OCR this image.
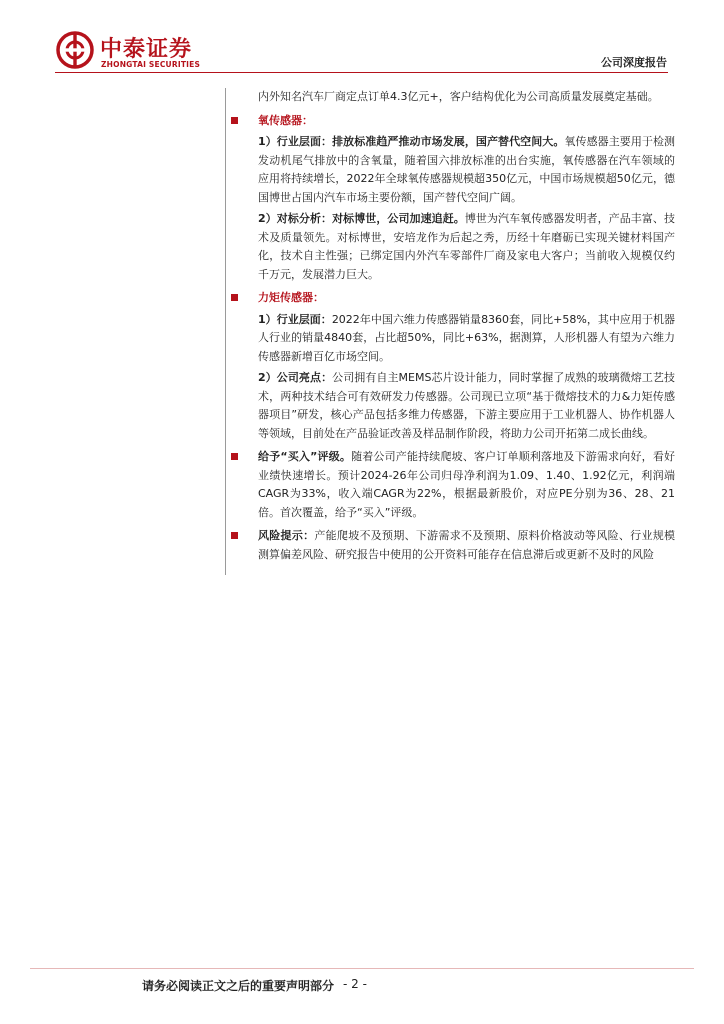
中泰证券
ZHONGTAI SECURITIES	公司深度报告

内外知名汽车厂商定点订单4.3亿元+，客户结构优化为公司高质量发展奠定基础。

氧传感器：

1）行业层面：排放标准趋严推动市场发展，国产替代空间大。氧传感器主要用于检测发动机尾气排放中的含氧量，随着国六排放标准的出台实施，氧传感器在汽车领域的应用将持续增长，2022年全球氧传感器规模超350亿元，中国市场规模超50亿元，德国博世占国内汽车市场主要份额，国产替代空间广阔。

2）对标分析：对标博世，公司加速追赶。博世为汽车氧传感器发明者，产品丰富、技术及质量领先。对标博世，安培龙作为后起之秀，历经十年磨砺已实现关键材料国产化，技术自主性强；已绑定国内外汽车零部件厂商及家电大客户；当前收入规模仅约千万元，发展潜力巨大。

力矩传感器：

1）行业层面：2022年中国六维力传感器销量8360套，同比+58%，其中应用于机器人行业的销量4840套，占比超50%，同比+63%，据测算，人形机器人有望为六维力传感器新增百亿市场空间。

2）公司亮点：公司拥有自主MEMS芯片设计能力，同时掌握了成熟的玻璃微熔工艺技术，两种技术结合可有效研发力传感器。公司现已立项“基于微熔技术的力&力矩传感器项目”研发，核心产品包括多维力传感器，下游主要应用于工业机器人、协作机器人等领域，目前处在产品验证改善及样品制作阶段，将助力公司开拓第二成长曲线。

给予“买入”评级。随着公司产能持续爬坡、客户订单顺利落地及下游需求向好，看好业绩快速增长。预计2024-26年公司归母净利润为1.09、1.40、1.92亿元，利润端CAGR为33%，收入端CAGR为22%，根据最新股价，对应PE分别为36、28、21倍。首次覆盖，给予“买入”评级。

风险提示：产能爬坡不及预期、下游需求不及预期、原料价格波动等风险、行业规模测算偏差风险、研究报告中使用的公开资料可能存在信息滞后或更新不及时的风险

请务必阅读正文之后的重要声明部分 - 2 -
